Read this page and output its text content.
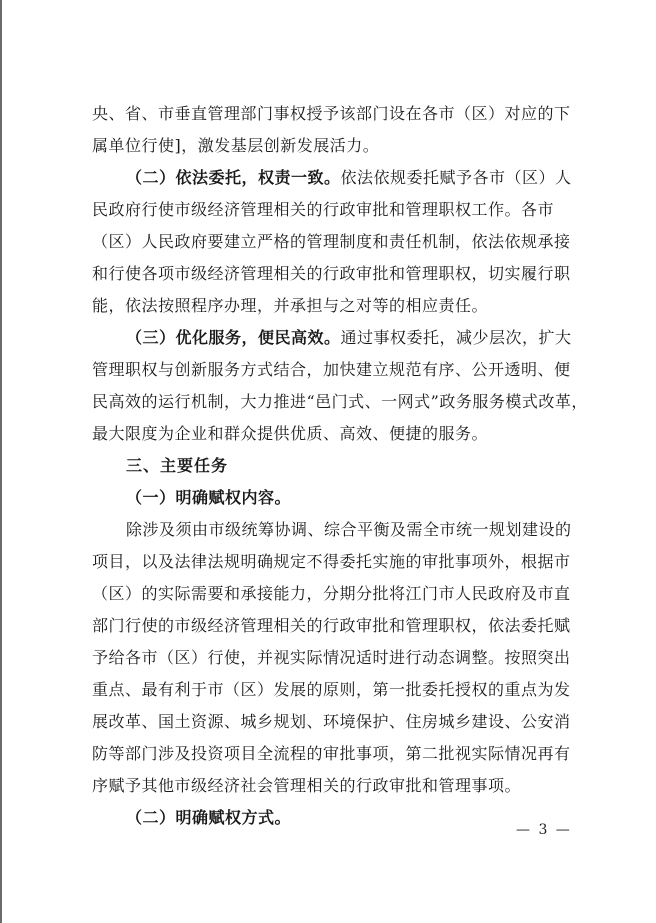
央、省、市垂直管理部门事权授予该部门设在各市（区）对应的下
属单位行使]，激发基层创新发展活力。
（二）依法委托，权责一致。依法依规委托赋予各市（区）人
民政府行使市级经济管理相关的行政审批和管理职权工作。各市
（区）人民政府要建立严格的管理制度和责任机制，依法依规承接
和行使各项市级经济管理相关的行政审批和管理职权，切实履行职
能，依法按照程序办理，并承担与之对等的相应责任。
（三）优化服务，便民高效。通过事权委托，减少层次，扩大
管理职权与创新服务方式结合，加快建立规范有序、公开透明、便
民高效的运行机制，大力推进“邑门式、一网式”政务服务模式改革，
最大限度为企业和群众提供优质、高效、便捷的服务。
三、主要任务
（一）明确赋权内容。
除涉及须由市级统筹协调、综合平衡及需全市统一规划建设的
项目，以及法律法规明确规定不得委托实施的审批事项外，根据市
（区）的实际需要和承接能力，分期分批将江门市人民政府及市直
部门行使的市级经济管理相关的行政审批和管理职权，依法委托赋
予给各市（区）行使，并视实际情况适时进行动态调整。按照突出
重点、最有利于市（区）发展的原则，第一批委托授权的重点为发
展改革、国土资源、城乡规划、环境保护、住房城乡建设、公安消
防等部门涉及投资项目全流程的审批事项，第二批视实际情况再有
序赋予其他市级经济社会管理相关的行政审批和管理事项。
（二）明确赋权方式。
— 3 —
